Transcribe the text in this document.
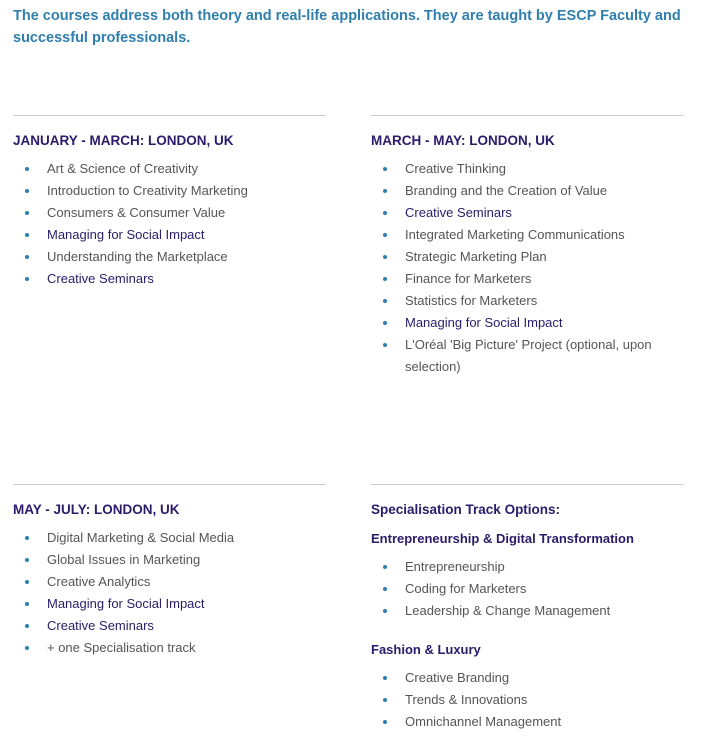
The courses address both theory and real-life applications. They are taught by ESCP Faculty and successful professionals.

JANUARY - MARCH: LONDON, UK
Art & Science of Creativity
Introduction to Creativity Marketing
Consumers & Consumer Value
Managing for Social Impact
Understanding the Marketplace
Creative Seminars
MARCH - MAY: LONDON, UK
Creative Thinking
Branding and the Creation of Value
Creative Seminars
Integrated Marketing Communications
Strategic Marketing Plan
Finance for Marketers
Statistics for Marketers
Managing for Social Impact
L'Oréal 'Big Picture' Project (optional, upon selection)
MAY - JULY: LONDON, UK
Digital Marketing & Social Media
Global Issues in Marketing
Creative Analytics
Managing for Social Impact
Creative Seminars
+ one Specialisation track
Specialisation Track Options:

Entrepreneurship & Digital Transformation

Entrepreneurship
Coding for Marketers
Leadership & Change Management

Fashion & Luxury

Creative Branding
Trends & Innovations
Omnichannel Management
